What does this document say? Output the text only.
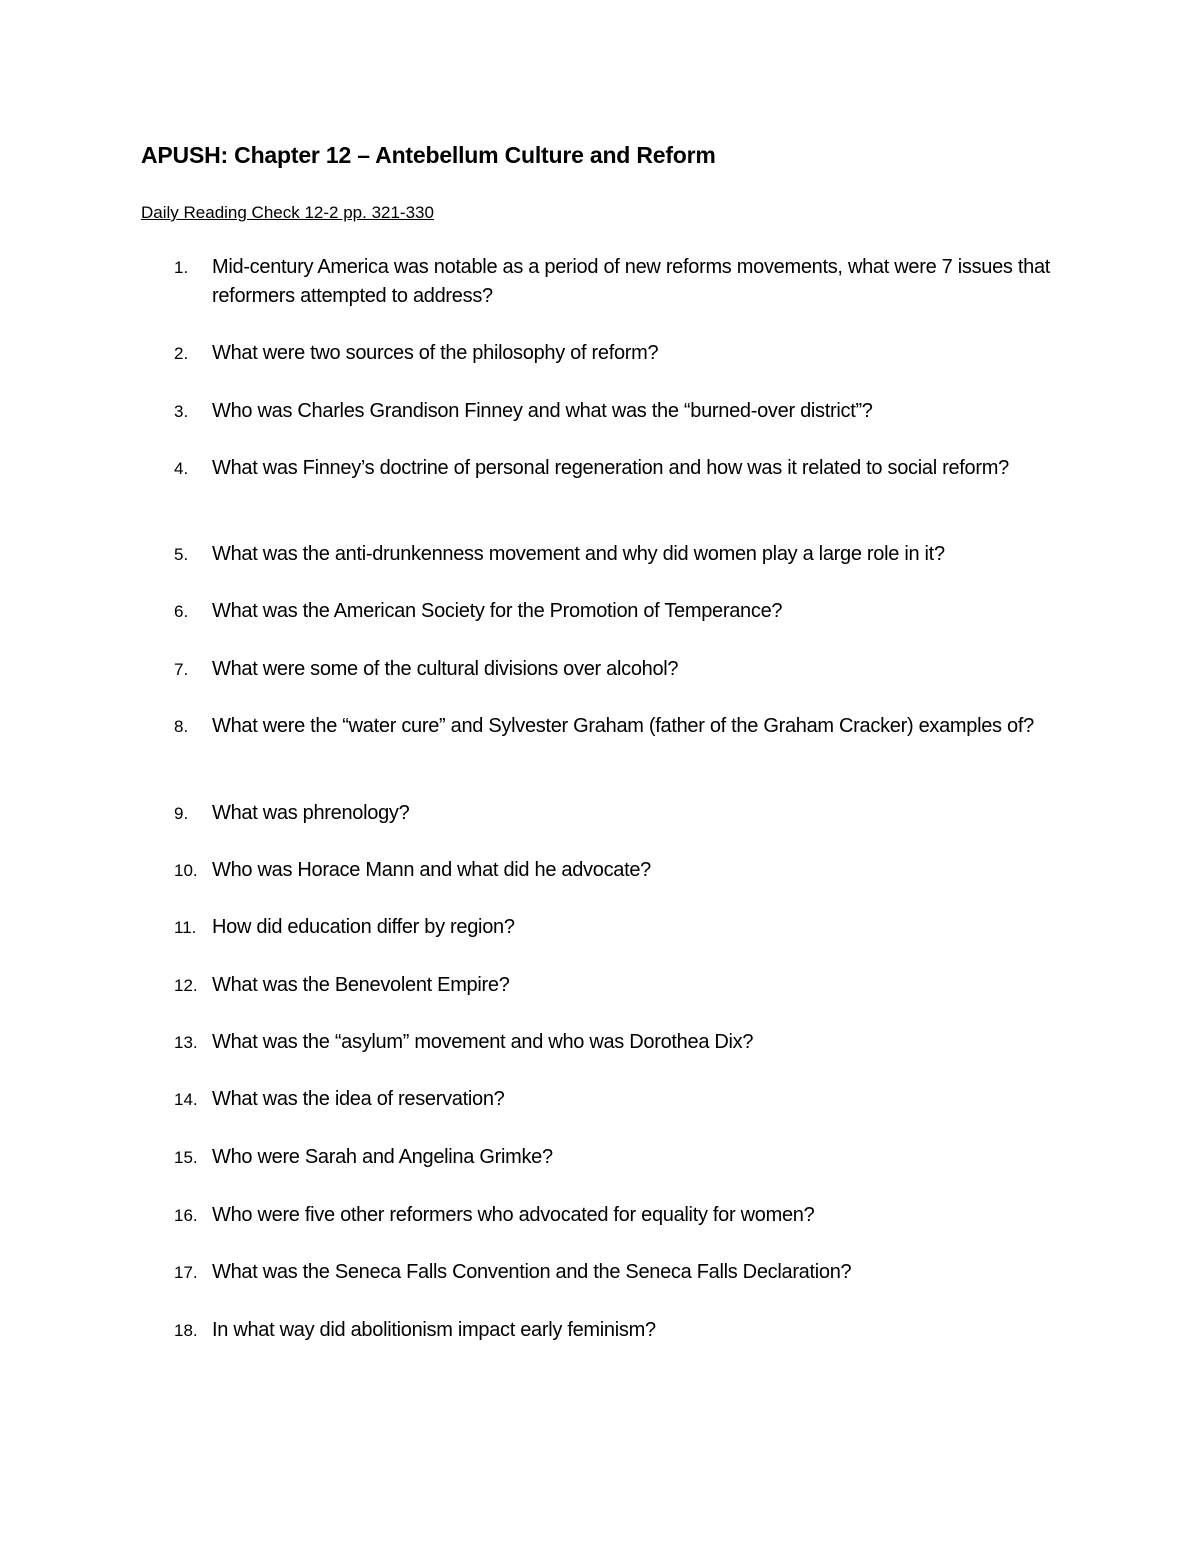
APUSH: Chapter 12 – Antebellum Culture and Reform
Daily Reading Check 12-2 pp. 321-330
1. Mid-century America was notable as a period of new reforms movements, what were 7 issues that reformers attempted to address?
2. What were two sources of the philosophy of reform?
3. Who was Charles Grandison Finney and what was the “burned-over district”?
4. What was Finney’s doctrine of personal regeneration and how was it related to social reform?
5. What was the anti-drunkenness movement and why did women play a large role in it?
6. What was the American Society for the Promotion of Temperance?
7. What were some of the cultural divisions over alcohol?
8. What were the “water cure” and Sylvester Graham (father of the Graham Cracker) examples of?
9. What was phrenology?
10. Who was Horace Mann and what did he advocate?
11. How did education differ by region?
12. What was the Benevolent Empire?
13. What was the “asylum” movement and who was Dorothea Dix?
14. What was the idea of reservation?
15. Who were Sarah and Angelina Grimke?
16. Who were five other reformers who advocated for equality for women?
17. What was the Seneca Falls Convention and the Seneca Falls Declaration?
18. In what way did abolitionism impact early feminism?
